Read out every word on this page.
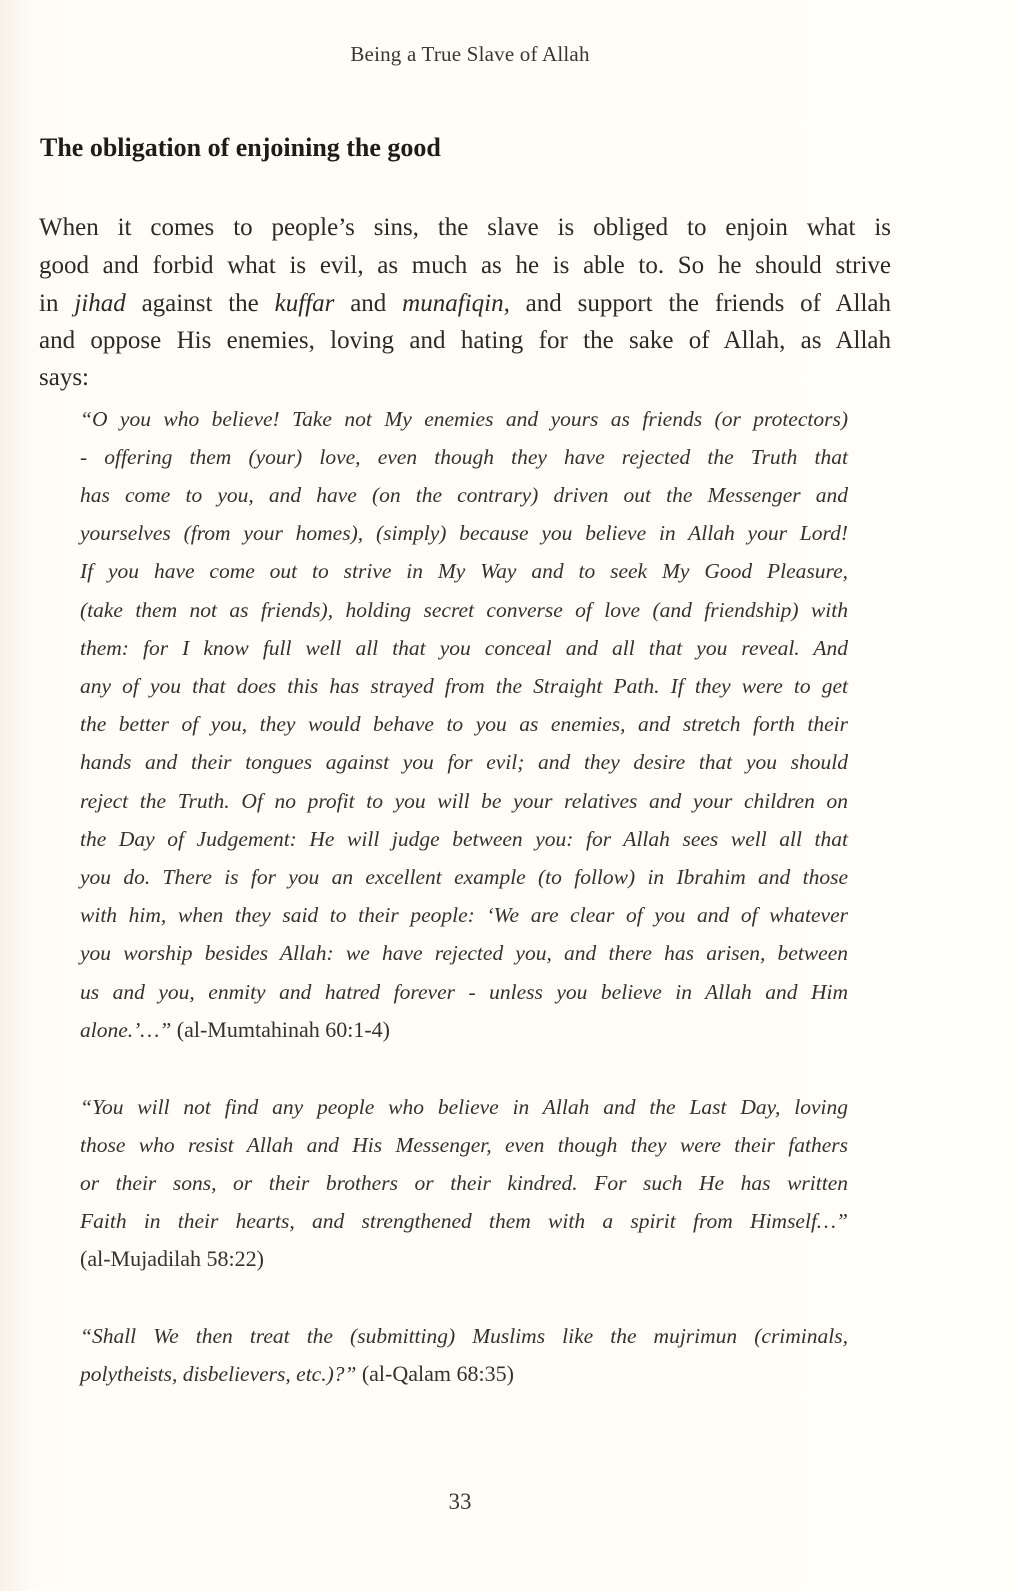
Being a True Slave of Allah
The obligation of enjoining the good
When it comes to people’s sins, the slave is obliged to enjoin what is
good and forbid what is evil, as much as he is able to. So he should strive
in jihad against the kuffar and munafiqin, and support the friends of Allah
and oppose His enemies, loving and hating for the sake of Allah, as Allah
says:
“O you who believe! Take not My enemies and yours as friends (or protectors)
- offering them (your) love, even though they have rejected the Truth that
has come to you, and have (on the contrary) driven out the Messenger and
yourselves (from your homes), (simply) because you believe in Allah your Lord!
If you have come out to strive in My Way and to seek My Good Pleasure,
(take them not as friends), holding secret converse of love (and friendship) with
them: for I know full well all that you conceal and all that you reveal. And
any of you that does this has strayed from the Straight Path. If they were to get
the better of you, they would behave to you as enemies, and stretch forth their
hands and their tongues against you for evil; and they desire that you should
reject the Truth. Of no profit to you will be your relatives and your children on
the Day of Judgement: He will judge between you: for Allah sees well all that
you do. There is for you an excellent example (to follow) in Ibrahim and those
with him, when they said to their people: ‘We are clear of you and of whatever
you worship besides Allah: we have rejected you, and there has arisen, between
us and you, enmity and hatred forever - unless you believe in Allah and Him
alone.’…” (al-Mumtahinah 60:1-4)
“You will not find any people who believe in Allah and the Last Day, loving
those who resist Allah and His Messenger, even though they were their fathers
or their sons, or their brothers or their kindred. For such He has written
Faith in their hearts, and strengthened them with a spirit from Himself…”
(al-Mujadilah 58:22)
“Shall We then treat the (submitting) Muslims like the mujrimun (criminals,
polytheists, disbelievers, etc.)?” (al-Qalam 68:35)
33
